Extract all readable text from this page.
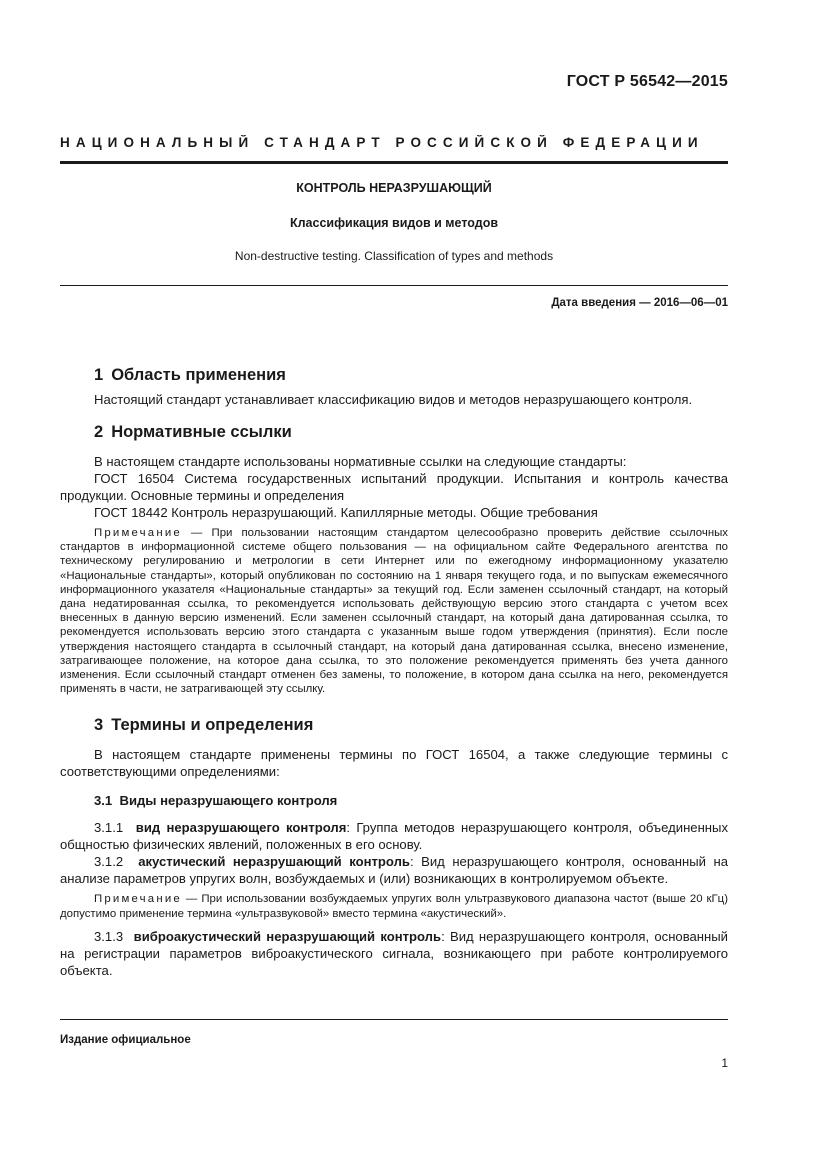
ГОСТ Р 56542—2015
НАЦИОНАЛЬНЫЙ СТАНДАРТ РОССИЙСКОЙ ФЕДЕРАЦИИ
КОНТРОЛЬ НЕРАЗРУШАЮЩИЙ
Классификация видов и методов
Non-destructive testing. Classification of types and methods
Дата введения — 2016—06—01
1 Область применения

Настоящий стандарт устанавливает классификацию видов и методов неразрушающего контроля.

2 Нормативные ссылки

В настоящем стандарте использованы нормативные ссылки на следующие стандарты:

ГОСТ 16504 Система государственных испытаний продукции. Испытания и контроль качества продукции. Основные термины и определения

ГОСТ 18442 Контроль неразрушающий. Капиллярные методы. Общие требования

Примечание — При пользовании настоящим стандартом целесообразно проверить действие ссылочных стандартов в информационной системе общего пользования — на официальном сайте Федерального агентства по техническому регулированию и метрологии в сети Интернет или по ежегодному информационному указателю «Национальные стандарты», который опубликован по состоянию на 1 января текущего года, и по выпускам ежемесячного информационного указателя «Национальные стандарты» за текущий год. Если заменен ссылочный стандарт, на который дана недатированная ссылка, то рекомендуется использовать действующую версию этого стандарта с учетом всех внесенных в данную версию изменений. Если заменен ссылочный стандарт, на который дана датированная ссылка, то рекомендуется использовать версию этого стандарта с указанным выше годом утверждения (принятия). Если после утверждения настоящего стандарта в ссылочный стандарт, на который дана датированная ссылка, внесено изменение, затрагивающее положение, на которое дана ссылка, то это положение рекомендуется применять без учета данного изменения. Если ссылочный стандарт отменен без замены, то положение, в котором дана ссылка на него, рекомендуется применять в части, не затрагивающей эту ссылку.

3 Термины и определения

В настоящем стандарте применены термины по ГОСТ 16504, а также следующие термины с соответствующими определениями:

3.1 Виды неразрушающего контроля

3.1.1 вид неразрушающего контроля: Группа методов неразрушающего контроля, объединенных общностью физических явлений, положенных в его основу.

3.1.2 акустический неразрушающий контроль: Вид неразрушающего контроля, основанный на анализе параметров упругих волн, возбуждаемых и (или) возникающих в контролируемом объекте.

Примечание — При использовании возбуждаемых упругих волн ультразвукового диапазона частот (выше 20 кГц) допустимо применение термина «ультразвуковой» вместо термина «акустический».

3.1.3 виброакустический неразрушающий контроль: Вид неразрушающего контроля, основанный на регистрации параметров виброакустического сигнала, возникающего при работе контролируемого объекта.

Издание официальное
1
